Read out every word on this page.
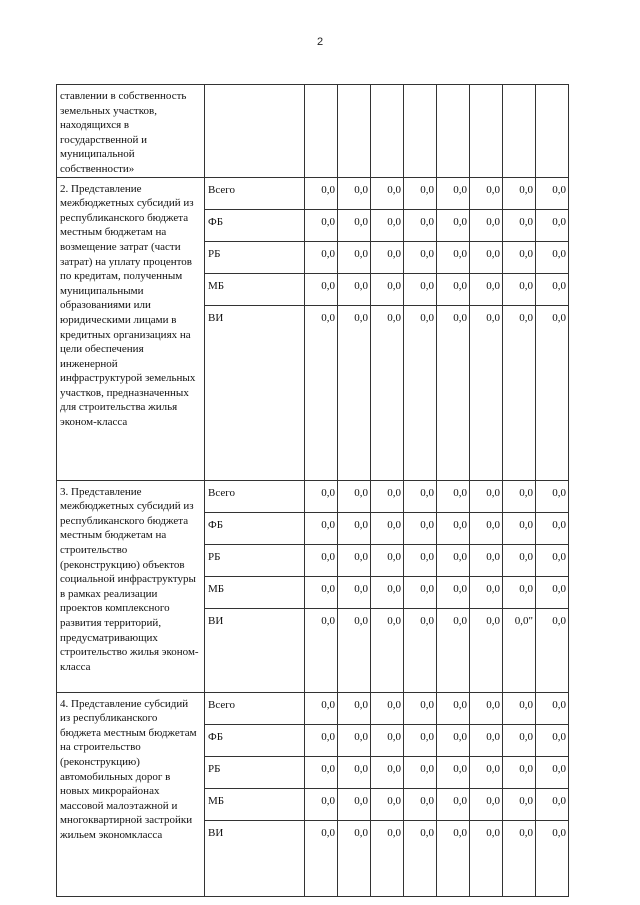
2
ставлении в собственность земельных участков, находящихся в государственной и муниципальной собственности»									
2. Представление межбюджетных субсидий из республиканского бюджета местным бюджетам на возмещение затрат (части затрат) на уплату процентов по кредитам, полученным муниципальными образованиями или юридическими лицами в кредитных организациях на цели обеспечения инженерной инфраструктурой земельных участков, предназначенных для строительства жилья эконом-класса	Всего	0,0	0,0	0,0	0,0	0,0	0,0	0,0	0,0
	ФБ	0,0	0,0	0,0	0,0	0,0	0,0	0,0	0,0
	РБ	0,0	0,0	0,0	0,0	0,0	0,0	0,0	0,0
	МБ	0,0	0,0	0,0	0,0	0,0	0,0	0,0	0,0
	ВИ	0,0	0,0	0,0	0,0	0,0	0,0	0,0	0,0
3. Представление межбюджетных субсидий из республиканского бюджета местным бюджетам на строительство (реконструкцию) объектов социальной инфраструктуры в рамках реализации проектов комплексного развития территорий, предусматривающих строительство жилья эконом-класса	Всего	0,0	0,0	0,0	0,0	0,0	0,0	0,0	0,0
	ФБ	0,0	0,0	0,0	0,0	0,0	0,0	0,0	0,0
	РБ	0,0	0,0	0,0	0,0	0,0	0,0	0,0	0,0
	МБ	0,0	0,0	0,0	0,0	0,0	0,0	0,0	0,0
	ВИ	0,0	0,0	0,0	0,0	0,0	0,0	0,0"	0,0
4. Представление субсидий из республиканского бюджета местным бюджетам на строительство (реконструкцию) автомобильных дорог в новых микрорайонах массовой малоэтажной и многоквартирной застройки жильем экономкласса	Всего	0,0	0,0	0,0	0,0	0,0	0,0	0,0	0,0
	ФБ	0,0	0,0	0,0	0,0	0,0	0,0	0,0	0,0
	РБ	0,0	0,0	0,0	0,0	0,0	0,0	0,0	0,0
	МБ	0,0	0,0	0,0	0,0	0,0	0,0	0,0	0,0
	ВИ	0,0	0,0	0,0	0,0	0,0	0,0	0,0	0,0
